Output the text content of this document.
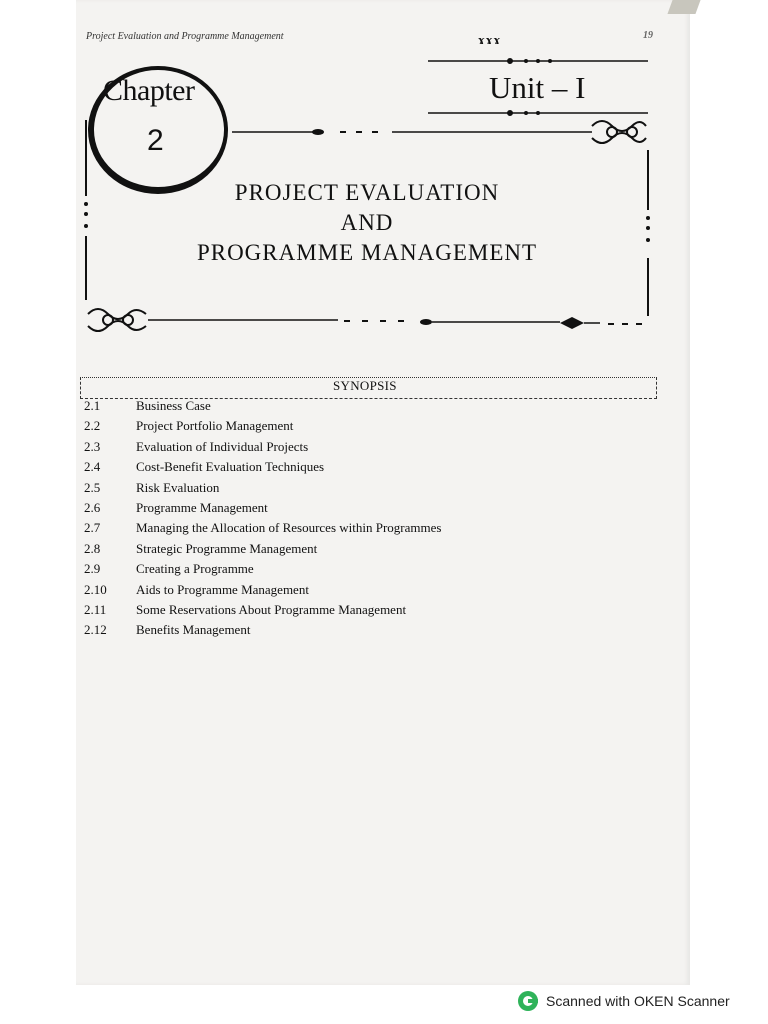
Project Evaluation and Programme Management	ɤɤɤ	19
Chapter
2
Unit – I
PROJECT EVALUATION
AND
PROGRAMME MANAGEMENT
SYNOPSIS
2.1	Business Case
2.2	Project Portfolio Management
2.3	Evaluation of Individual Projects
2.4	Cost-Benefit Evaluation Techniques
2.5	Risk Evaluation
2.6	Programme Management
2.7	Managing the Allocation of Resources within Programmes
2.8	Strategic Programme Management
2.9	Creating a Programme
2.10 Aids to Programme Management
2.11 Some Reservations About Programme Management
2.12 Benefits Management
Scanned with OKEN Scanner
